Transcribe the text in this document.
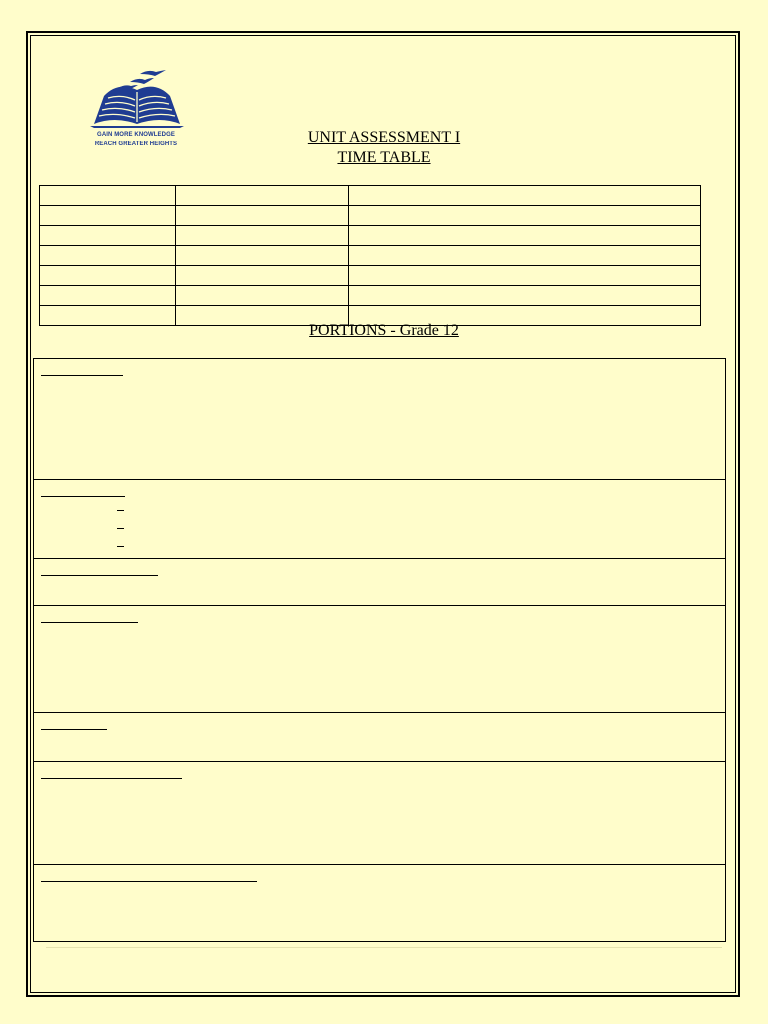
GAIN MORE KNOWLEDGE
REACH GREATER HEIGHTS	UNIT ASSESSMENT I
TIME TABLE

PORTIONS - Grade 12
